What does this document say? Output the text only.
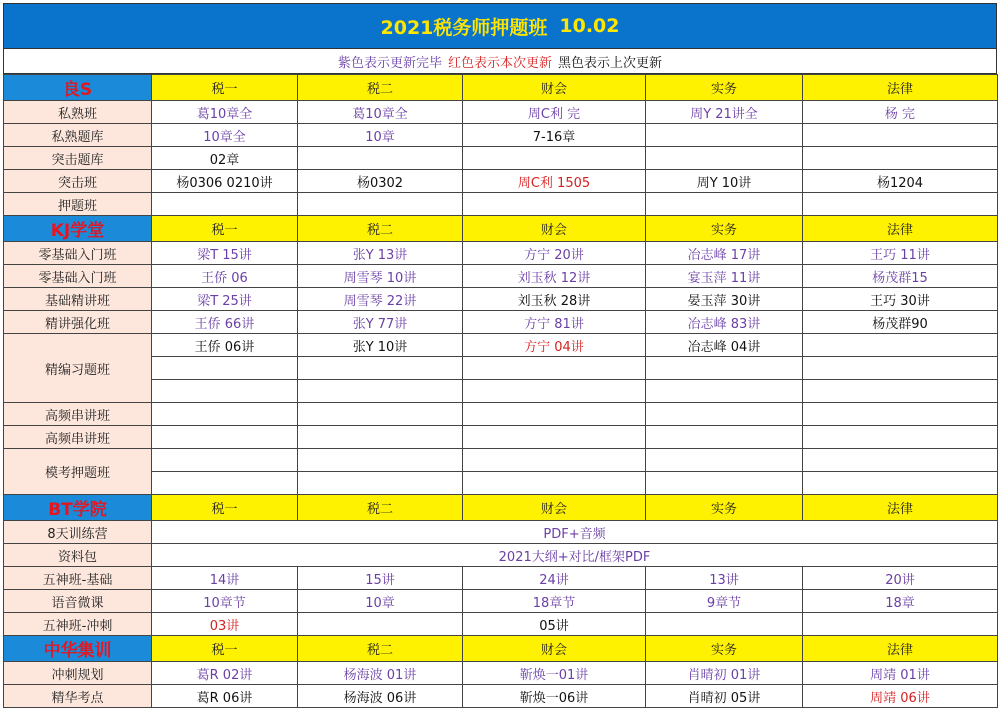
2021税务师押题班 10.02
紫色表示更新完毕 红色表示本次更新 黑色表示上次更新
良S	税一	税二	财会	实务	法律
私熟班	葛10章全	葛10章全	周C利 完	周Y 21讲全	杨 完
私熟题库	10章全	10章	7-16章		
突击题库	02章				
突击班	杨0306 0210讲	杨0302	周C利 1505	周Y 10讲	杨1204
押题班					
KJ学堂	税一	税二	财会	实务	法律
零基础入门班	梁T 15讲	张Y 13讲	方宁 20讲	冶志峰 17讲	王巧 11讲
零基础入门班	王侨 06	周雪琴 10讲	刘玉秋 12讲	宴玉萍 11讲	杨茂群15
基础精讲班	梁T 25讲	周雪琴 22讲	刘玉秋 28讲	晏玉萍 30讲	王巧 30讲
精讲强化班	王侨 66讲	张Y 77讲	方宁 81讲	冶志峰 83讲	杨茂群90
精编习题班	王侨 06讲	张Y 10讲	方宁 04讲	冶志峰 04讲	

高频串讲班					
高频串讲班					
模考押题班					

BT学院	税一	税二	财会	实务	法律
8天训练营	PDF+音频				
资料包	2021大纲+对比/框架PDF				
五神班-基础	14讲	15讲	24讲	13讲	20讲
语音微课	10章节	10章	18章节	9章节	18章
五神班-冲刺	03讲		05讲		
中华集训	税一	税二	财会	实务	法律
冲刺规划	葛R 02讲	杨海波 01讲	靳焕一01讲	肖晴初 01讲	周靖 01讲
精华考点	葛R 06讲	杨海波 06讲	靳焕一06讲	肖晴初 05讲	周靖 06讲
